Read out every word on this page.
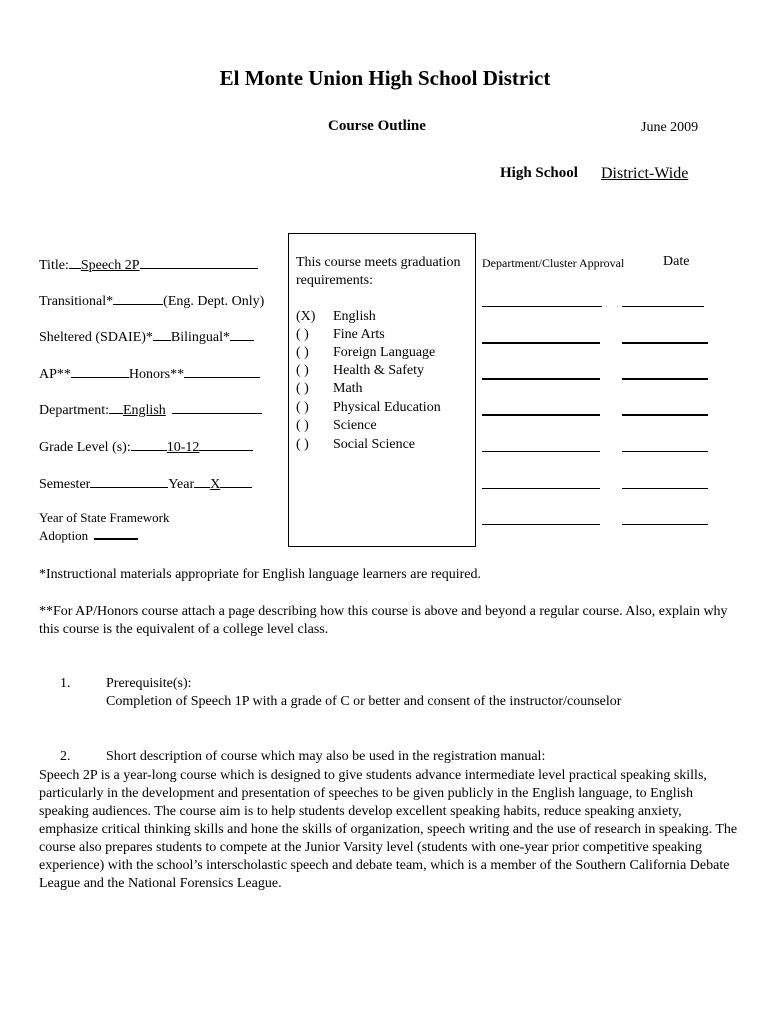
El Monte Union High School District
Course Outline	June 2009
High School District-Wide
Title: Speech 2P
Transitional*	(Eng. Dept. Only)
Sheltered (SDAIE)* Bilingual*
AP**	Honors**
Department: English
Grade Level (s):	10-12
Semester	Year X
Year of State Framework
Adoption
This course meets graduation requirements:
(X) English
( ) Fine Arts
( ) Foreign Language
( ) Health & Safety
( ) Math
( ) Physical Education
( ) Science
( ) Social Science
Department/Cluster Approval	Date
*Instructional materials appropriate for English language learners are required.
**For AP/Honors course attach a page describing how this course is above and beyond a regular course. Also, explain why this course is the equivalent of a college level class.
1.	Prerequisite(s):
Completion of Speech 1P with a grade of C or better and consent of the instructor/counselor
2.	Short description of course which may also be used in the registration manual:
Speech 2P is a year-long course which is designed to give students advance intermediate level practical speaking skills, particularly in the development and presentation of speeches to be given publicly in the English language, to English speaking audiences. The course aim is to help students develop excellent speaking habits, reduce speaking anxiety, emphasize critical thinking skills and hone the skills of organization, speech writing and the use of research in speaking. The course also prepares students to compete at the Junior Varsity level (students with one-year prior competitive speaking experience) with the school’s interscholastic speech and debate team, which is a member of the Southern California Debate League and the National Forensics League.
